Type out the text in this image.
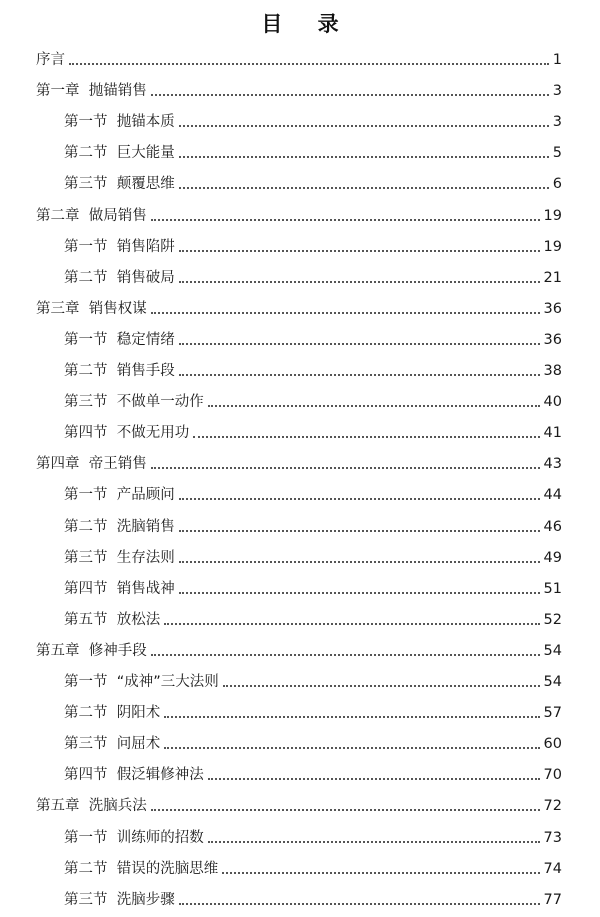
目 录
序言	1
第一章  抛锚销售	3
第一节  抛锚本质	3
第二节  巨大能量	5
第三节  颠覆思维	6
第二章  做局销售	19
第一节  销售陷阱	19
第二节  销售破局	21
第三章  销售权谋	36
第一节  稳定情绪	36
第二节  销售手段	38
第三节  不做单一动作	40
第四节  不做无用功	41
第四章  帝王销售	43
第一节  产品顾问	44
第二节  洗脑销售	46
第三节  生存法则	49
第四节  销售战神	51
第五节  放松法	52
第五章  修神手段	54
第一节  “成神”三大法则	54
第二节  阴阳术	57
第三节  问屈术	60
第四节  假泛辑修神法	70
第五章  洗脑兵法	72
第一节  训练师的招数	73
第二节  错误的洗脑思维	74
第三节  洗脑步骤	77
